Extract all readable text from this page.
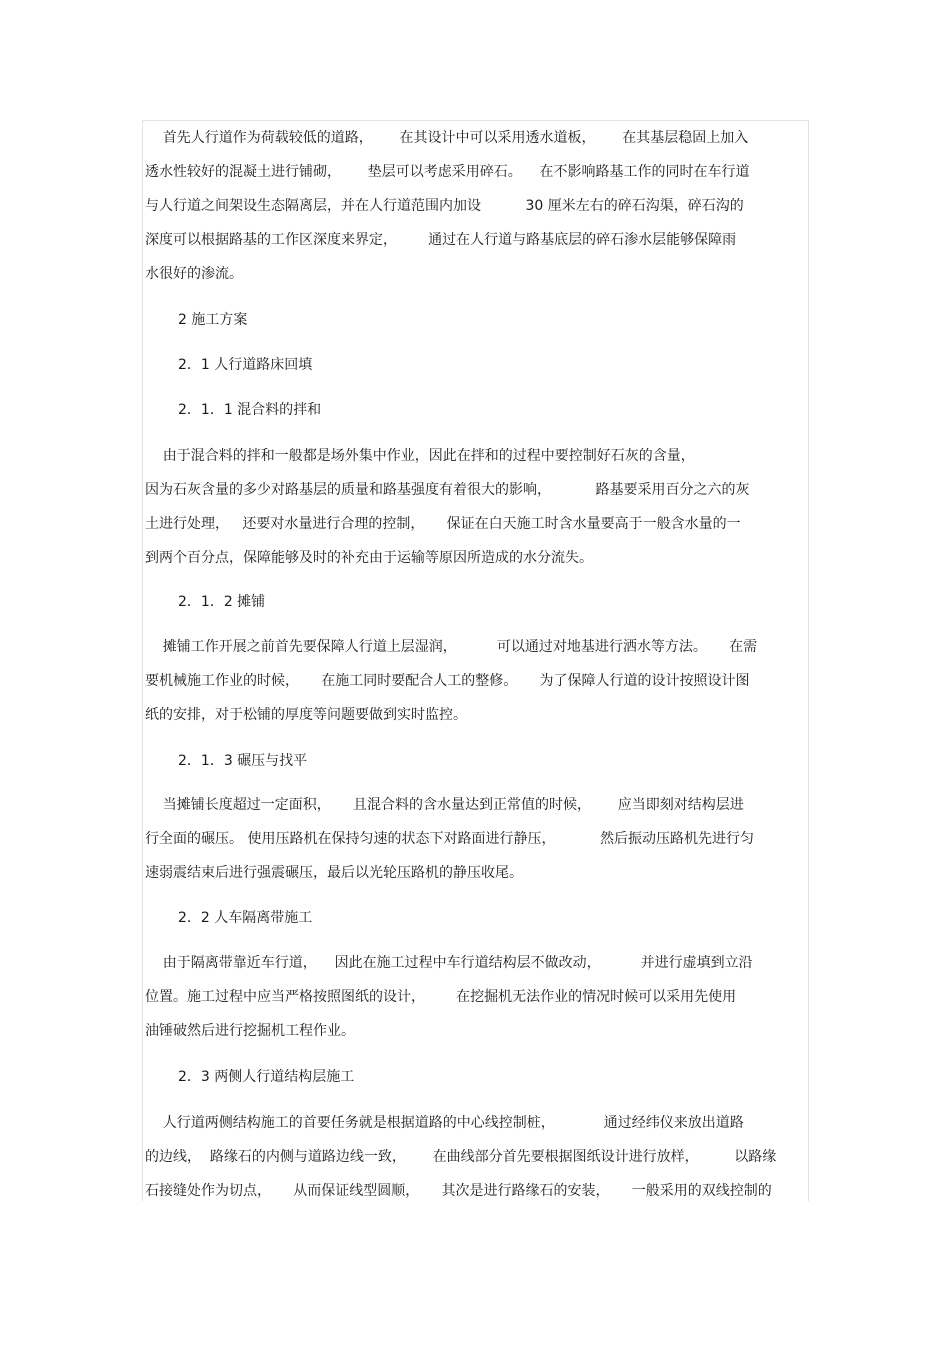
首先人行道作为荷载较低的道路，      在其设计中可以采用透水道板，      在其基层稳固上加入
透水性较好的混凝土进行铺砌，      垫层可以考虑采用碎石。    在不影响路基工作的同时在车行道
与人行道之间架设生态隔离层，并在人行道范围内加设          30 厘米左右的碎石沟渠，碎石沟的
深度可以根据路基的工作区深度来界定，       通过在人行道与路基底层的碎石渗水层能够保障雨
水很好的渗流。
2 施工方案
2．1 人行道路床回填
2．1．1 混合料的拌和
由于混合料的拌和一般都是场外集中作业，因此在拌和的过程中要控制好石灰的含量，
因为石灰含量的多少对路基层的质量和路基强度有着很大的影响，          路基要采用百分之六的灰
土进行处理，   还要对水量进行合理的控制，     保证在白天施工时含水量要高于一般含水量的一
到两个百分点，保障能够及时的补充由于运输等原因所造成的水分流失。
2．1．2 摊铺
摊铺工作开展之前首先要保障人行道上层湿润，         可以通过对地基进行洒水等方法。     在需
要机械施工作业的时候，     在施工同时要配合人工的整修。     为了保障人行道的设计按照设计图
纸的安排，对于松铺的厚度等问题要做到实时监控。
2．1．3 碾压与找平
当摊铺长度超过一定面积，     且混合料的含水量达到正常值的时候，      应当即刻对结构层进
行全面的碾压。 使用压路机在保持匀速的状态下对路面进行静压，          然后振动压路机先进行匀
速弱震结束后进行强震碾压，最后以光轮压路机的静压收尾。
2．2 人车隔离带施工
由于隔离带靠近车行道，    因此在施工过程中车行道结构层不做改动，         并进行虚填到立沿
位置。施工过程中应当严格按照图纸的设计，       在挖掘机无法作业的情况时候可以采用先使用
油锤破然后进行挖掘机工程作业。
2．3 两侧人行道结构层施工
人行道两侧结构施工的首要任务就是根据道路的中心线控制桩，           通过经纬仪来放出道路
的边线，  路缘石的内侧与道路边线一致，      在曲线部分首先要根据图纸设计进行放样，        以路缘
石接缝处作为切点，     从而保证线型圆顺，     其次是进行路缘石的安装，     一般采用的双线控制的
